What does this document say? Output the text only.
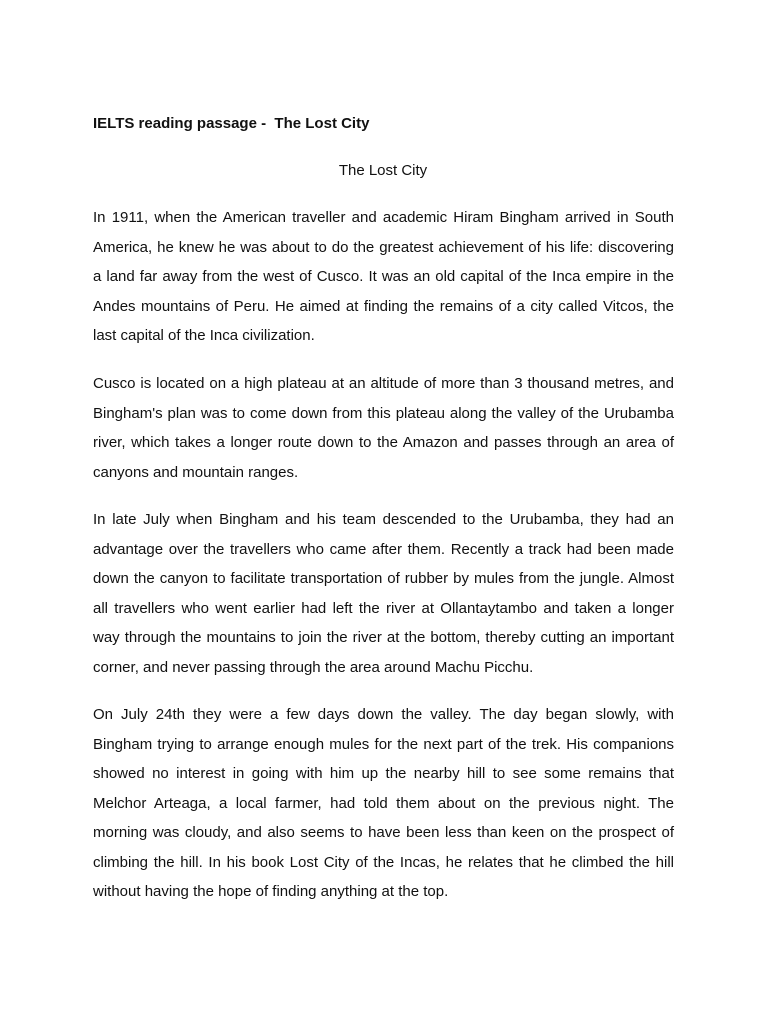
IELTS reading passage -  The Lost City

The Lost City

In 1911, when the American traveller and academic Hiram Bingham arrived in South America, he knew he was about to do the greatest achievement of his life: discovering a land far away from the west of Cusco. It was an old capital of the Inca empire in the Andes mountains of Peru. He aimed at finding the remains of a city called Vitcos, the last capital of the Inca civilization.

Cusco is located on a high plateau at an altitude of more than 3 thousand metres, and Bingham's plan was to come down from this plateau along the valley of the Urubamba river, which takes a longer route down to the Amazon and passes through an area of canyons and mountain ranges.

In late July when Bingham and his team descended to the Urubamba, they had an advantage over the travellers who came after them. Recently a track had been made down the canyon to facilitate transportation of rubber by mules from the jungle. Almost all travellers who went earlier had left the river at Ollantaytambo and taken a longer way through the mountains to join the river at the bottom, thereby cutting an important corner, and never passing through the area around Machu Picchu.

On July 24th they were a few days down the valley. The day began slowly, with Bingham trying to arrange enough mules for the next part of the trek. His companions showed no interest in going with him up the nearby hill to see some remains that Melchor Arteaga, a local farmer, had told them about on the previous night. The morning was cloudy, and also seems to have been less than keen on the prospect of climbing the hill. In his book Lost City of the Incas, he relates that he climbed the hill without having the hope of finding anything at the top.
